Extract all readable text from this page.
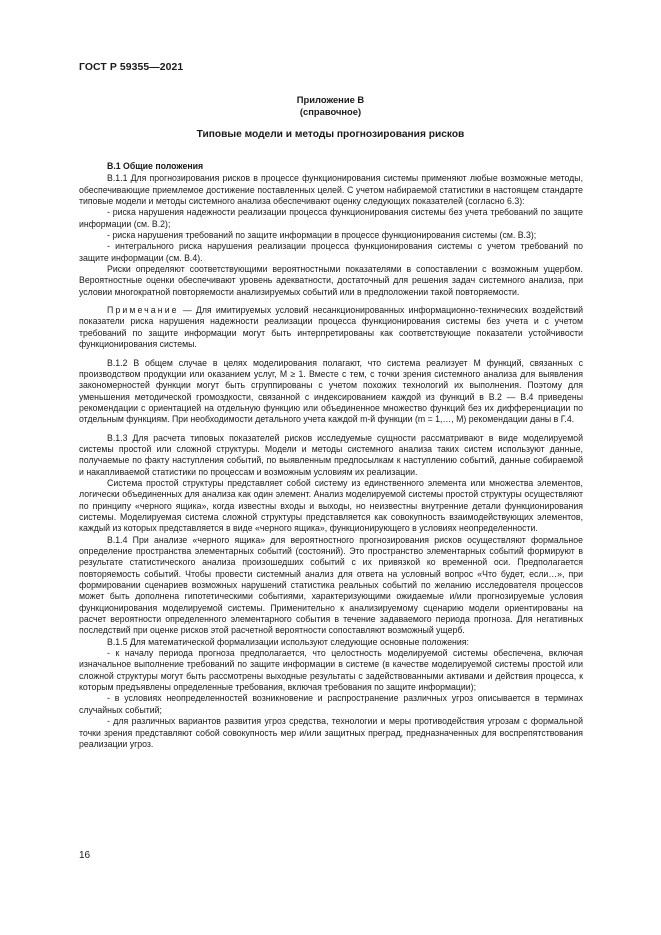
ГОСТ Р 59355—2021
Приложение В
(справочное)
Типовые модели и методы прогнозирования рисков
В.1 Общие положения

В.1.1 Для прогнозирования рисков в процессе функционирования системы применяют любые возможные методы, обеспечивающие приемлемое достижение поставленных целей. С учетом набираемой статистики в настоящем стандарте типовые модели и методы системного анализа обеспечивают оценку следующих показателей (согласно 6.3):

- риска нарушения надежности реализации процесса функционирования системы без учета требований по защите информации (см. В.2);

- риска нарушения требований по защите информации в процессе функционирования системы (см. В.3);

- интегрального риска нарушения реализации процесса функционирования системы с учетом требований по защите информации (см. В.4).

Риски определяют соответствующими вероятностными показателями в сопоставлении с возможным ущербом. Вероятностные оценки обеспечивают уровень адекватности, достаточный для решения задач системного анализа, при условии многократной повторяемости анализируемых событий или в предположении такой повторяемости.

Примечание — Для имитируемых условий несанкционированных информационно-технических воздействий показатели риска нарушения надежности реализации процесса функционирования системы без учета и с учетом требований по защите информации могут быть интерпретированы как соответствующие показатели устойчивости функционирования системы.

В.1.2 В общем случае в целях моделирования полагают, что система реализует M функций, связанных с производством продукции или оказанием услуг, M ≥ 1. Вместе с тем, с точки зрения системного анализа для выявления закономерностей функции могут быть сгруппированы с учетом похожих технологий их выполнения. Поэтому для уменьшения методической громоздкости, связанной с индексированием каждой из функций в В.2 — В.4 приведены рекомендации с ориентацией на отдельную функцию или объединенное множество функций без их дифференциации по отдельным функциям. При необходимости детального учета каждой m-й функции (m = 1,…, M) рекомендации даны в Г.4.

В.1.3 Для расчета типовых показателей рисков исследуемые сущности рассматривают в виде моделируемой системы простой или сложной структуры. Модели и методы системного анализа таких систем используют данные, получаемые по факту наступления событий, по выявленным предпосылкам к наступлению событий, данные собираемой и накапливаемой статистики по процессам и возможным условиям их реализации.

Система простой структуры представляет собой систему из единственного элемента или множества элементов, логически объединенных для анализа как один элемент. Анализ моделируемой системы простой структуры осуществляют по принципу «черного ящика», когда известны входы и выходы, но неизвестны внутренние детали функционирования системы. Моделируемая система сложной структуры представляется как совокупность взаимодействующих элементов, каждый из которых представляется в виде «черного ящика», функционирующего в условиях неопределенности.

В.1.4 При анализе «черного ящика» для вероятностного прогнозирования рисков осуществляют формальное определение пространства элементарных событий (состояний). Это пространство элементарных событий формируют в результате статистического анализа произошедших событий с их привязкой ко временной оси. Предполагается повторяемость событий. Чтобы провести системный анализ для ответа на условный вопрос «Что будет, если…», при формировании сценариев возможных нарушений статистика реальных событий по желанию исследователя процессов может быть дополнена гипотетическими событиями, характеризующими ожидаемые и/или прогнозируемые условия функционирования моделируемой системы. Применительно к анализируемому сценарию модели ориентированы на расчет вероятности определенного элементарного события в течение задаваемого периода прогноза. Для негативных последствий при оценке рисков этой расчетной вероятности сопоставляют возможный ущерб.

В.1.5 Для математической формализации используют следующие основные положения:

- к началу периода прогноза предполагается, что целостность моделируемой системы обеспечена, включая изначальное выполнение требований по защите информации в системе (в качестве моделируемой системы простой или сложной структуры могут быть рассмотрены выходные результаты с задействованными активами и действия процесса, к которым предъявлены определенные требования, включая требования по защите информации);

- в условиях неопределенностей возникновение и распространение различных угроз описывается в терминах случайных событий;

- для различных вариантов развития угроз средства, технологии и меры противодействия угрозам с формальной точки зрения представляют собой совокупность мер и/или защитных преград, предназначенных для воспрепятствования реализации угроз.

16
